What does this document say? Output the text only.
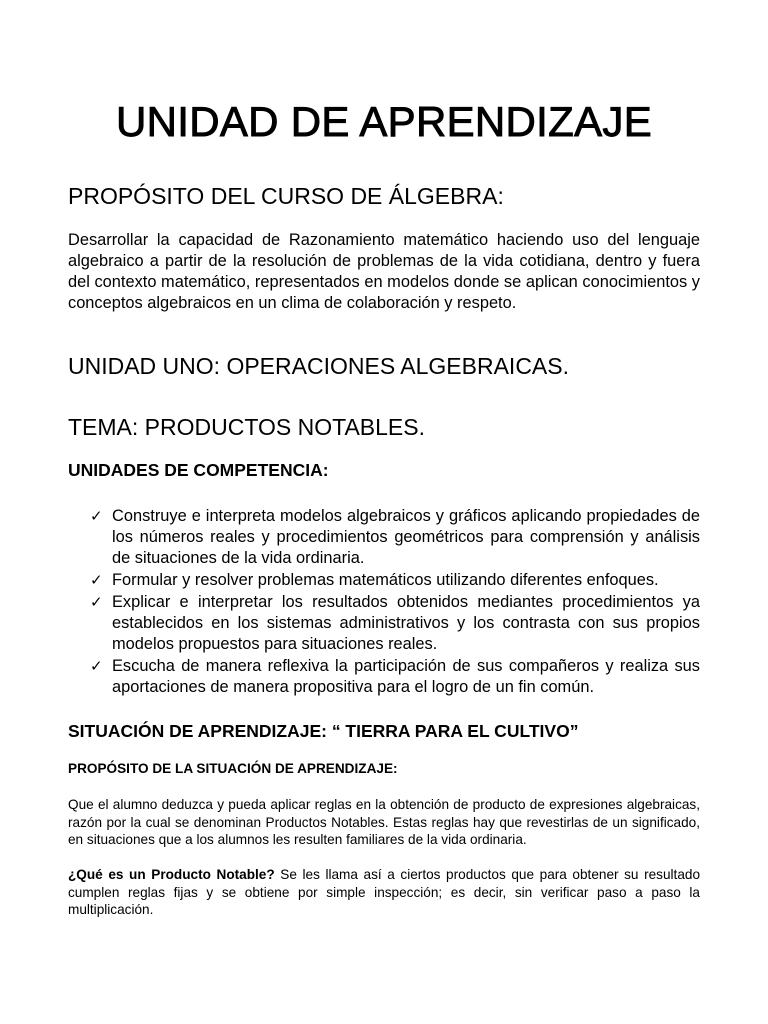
UNIDAD DE APRENDIZAJE
PROPÓSITO DEL CURSO DE ÁLGEBRA:

Desarrollar la capacidad de Razonamiento matemático haciendo uso del lenguaje algebraico a partir de la resolución de problemas de la vida cotidiana, dentro y fuera del contexto matemático, representados en modelos donde se aplican conocimientos y conceptos algebraicos en un clima de colaboración y respeto.

UNIDAD UNO: OPERACIONES ALGEBRAICAS.
TEMA: PRODUCTOS NOTABLES.
UNIDADES DE COMPETENCIA:
✓ Construye e interpreta modelos algebraicos y gráficos aplicando propiedades de los números reales y procedimientos geométricos para comprensión y análisis de situaciones de la vida ordinaria.
✓ Formular y resolver problemas matemáticos utilizando diferentes enfoques.
✓ Explicar e interpretar los resultados obtenidos mediantes procedimientos ya establecidos en los sistemas administrativos y los contrasta con sus propios modelos propuestos para situaciones reales.
✓ Escucha de manera reflexiva la participación de sus compañeros y realiza sus aportaciones de manera propositiva para el logro de un fin común.
SITUACIÓN DE APRENDIZAJE: “ TIERRA PARA EL CULTIVO”
PROPÓSITO DE LA SITUACIÓN DE APRENDIZAJE:

Que el alumno deduzca y pueda aplicar reglas en la obtención de producto de expresiones algebraicas, razón por la cual se denominan Productos Notables. Estas reglas hay que revestirlas de un significado, en situaciones que a los alumnos les resulten familiares de la vida ordinaria.

¿Qué es un Producto Notable? Se les llama así a ciertos productos que para obtener su resultado cumplen reglas fijas y se obtiene por simple inspección; es decir, sin verificar paso a paso la multiplicación.
